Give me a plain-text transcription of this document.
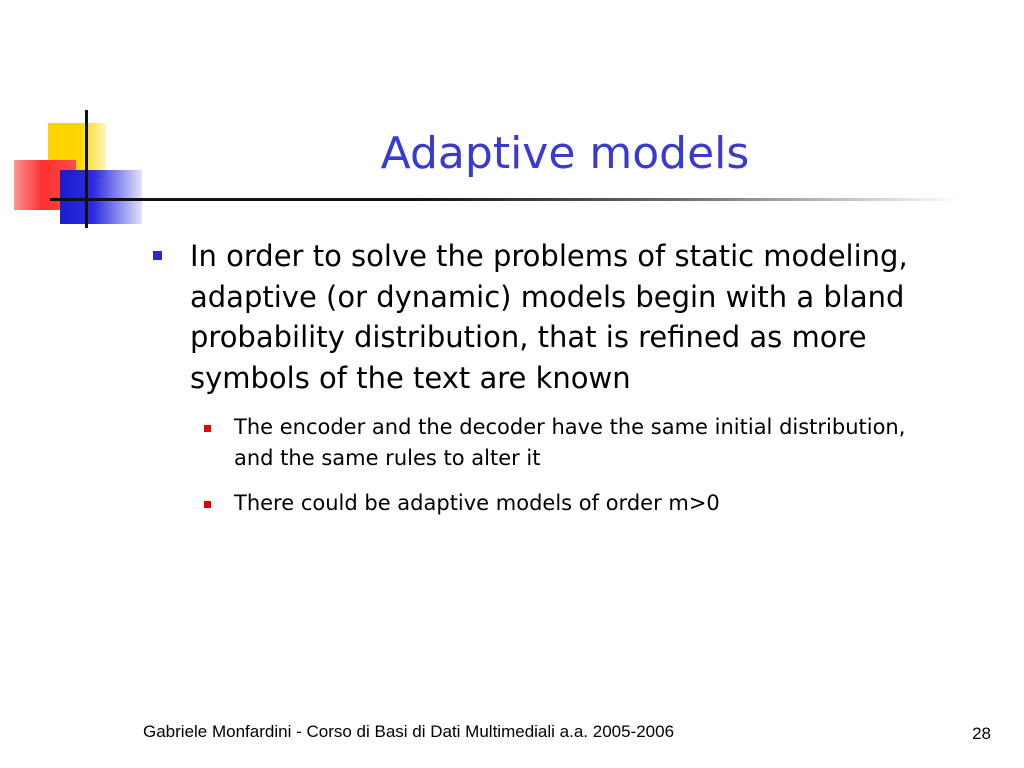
Adaptive models
In order to solve the problems of static modeling, adaptive (or dynamic) models begin with a bland probability distribution, that is refined as more symbols of the text are known
The encoder and the decoder have the same initial distribution, and the same rules to alter it
There could be adaptive models of order m>0
Gabriele Monfardini - Corso di Basi di Dati Multimediali a.a. 2005-2006	28
